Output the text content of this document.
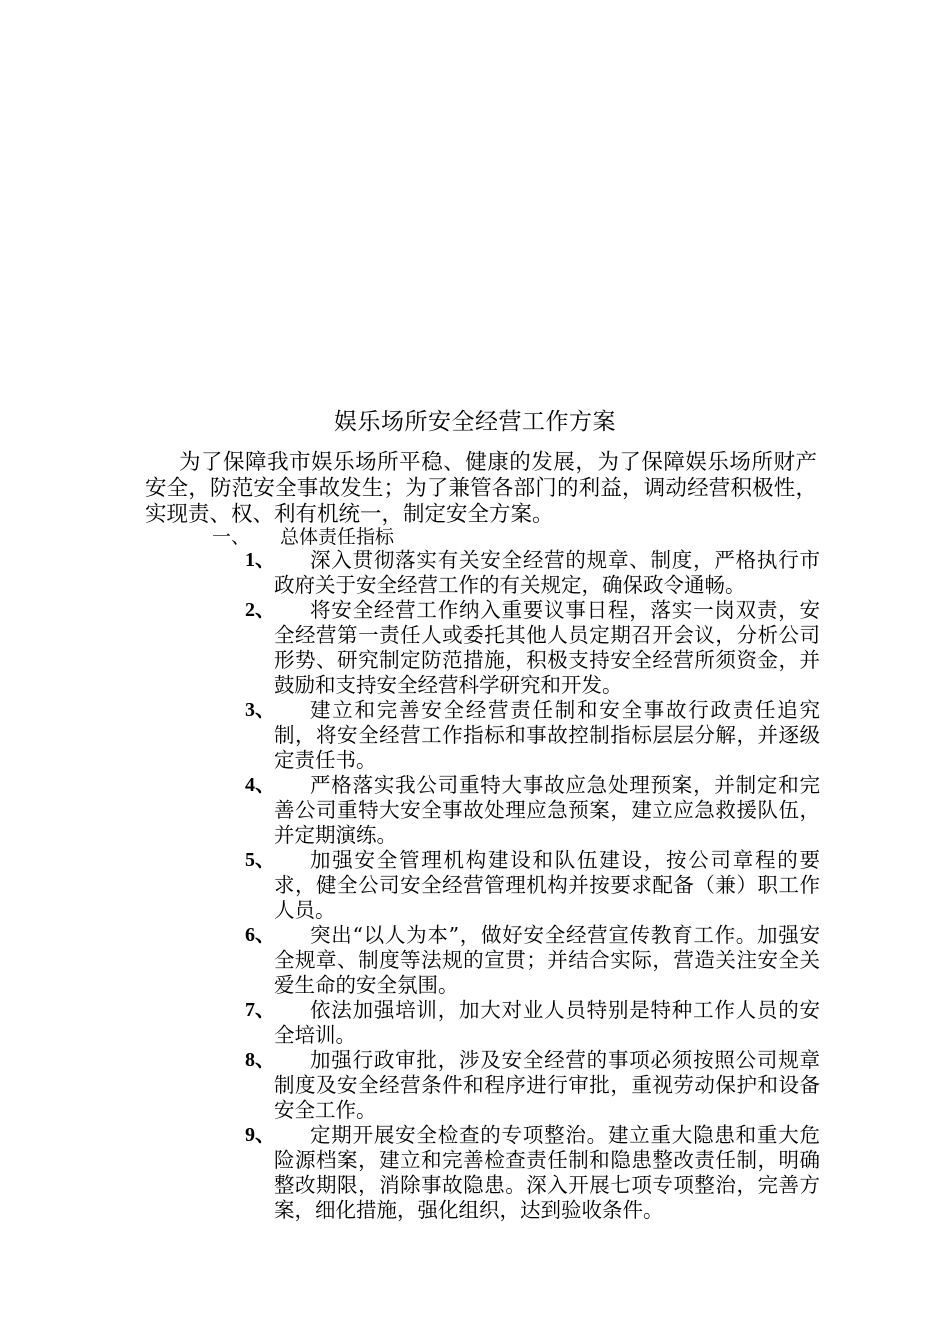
娱乐场所安全经营工作方案

为了保障我市娱乐场所平稳、健康的发展，为了保障娱乐场所财产安全，防范安全事故发生；为了兼管各部门的利益，调动经营积极性，实现责、权、利有机统一，制定安全方案。

一、 总体责任指标
1、	深入贯彻落实有关安全经营的规章、制度，严格执行市政府关于安全经营工作的有关规定，确保政令通畅。
2、	将安全经营工作纳入重要议事日程，落实一岗双责，安全经营第一责任人或委托其他人员定期召开会议，分析公司形势、研究制定防范措施，积极支持安全经营所须资金，并鼓励和支持安全经营科学研究和开发。
3、	建立和完善安全经营责任制和安全事故行政责任追究制，将安全经营工作指标和事故控制指标层层分解，并逐级定责任书。
4、	严格落实我公司重特大事故应急处理预案，并制定和完善公司重特大安全事故处理应急预案，建立应急救援队伍，并定期演练。
5、	加强安全管理机构建设和队伍建设，按公司章程的要求，健全公司安全经营管理机构并按要求配备（兼）职工作人员。
6、	突出“以人为本”，做好安全经营宣传教育工作。加强安全规章、制度等法规的宣贯；并结合实际，营造关注安全关爱生命的安全氛围。
7、	依法加强培训，加大对业人员特别是特种工作人员的安全培训。
8、	加强行政审批，涉及安全经营的事项必须按照公司规章制度及安全经营条件和程序进行审批，重视劳动保护和设备安全工作。
9、	定期开展安全检查的专项整治。建立重大隐患和重大危险源档案，建立和完善检查责任制和隐患整改责任制，明确整改期限，消除事故隐患。深入开展七项专项整治，完善方案，细化措施，强化组织，达到验收条件。
